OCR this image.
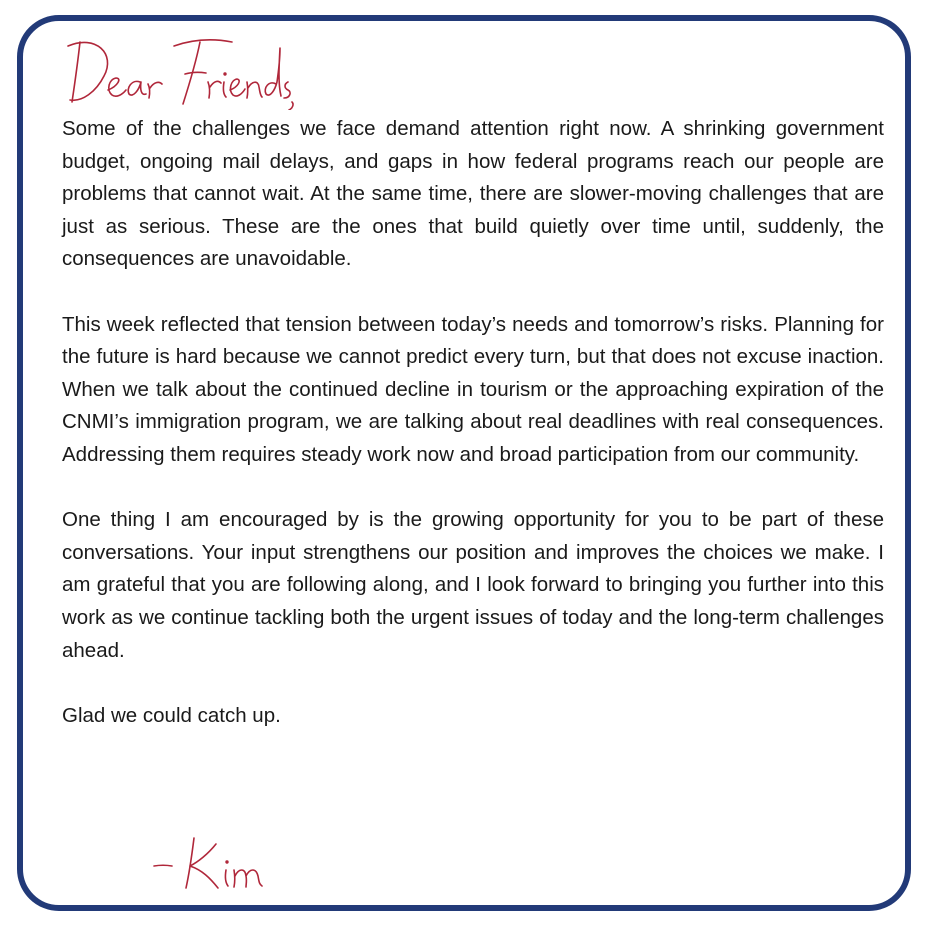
Some of the challenges we face demand attention right now. A shrinking government budget, ongoing mail delays, and gaps in how federal programs reach our people are problems that cannot wait. At the same time, there are slower-moving challenges that are just as serious. These are the ones that build quietly over time until, suddenly, the consequences are unavoidable.

This week reflected that tension between today’s needs and tomorrow’s risks. Planning for the future is hard because we cannot predict every turn, but that does not excuse inaction. When we talk about the continued decline in tourism or the approaching expiration of the CNMI’s immigration program, we are talking about real deadlines with real consequences. Addressing them requires steady work now and broad participation from our community.

One thing I am encouraged by is the growing opportunity for you to be part of these conversations. Your input strengthens our position and improves the choices we make. I am grateful that you are following along, and I look forward to bringing you further into this work as we continue tackling both the urgent issues of today and the long-term challenges ahead.

Glad we could catch up.
